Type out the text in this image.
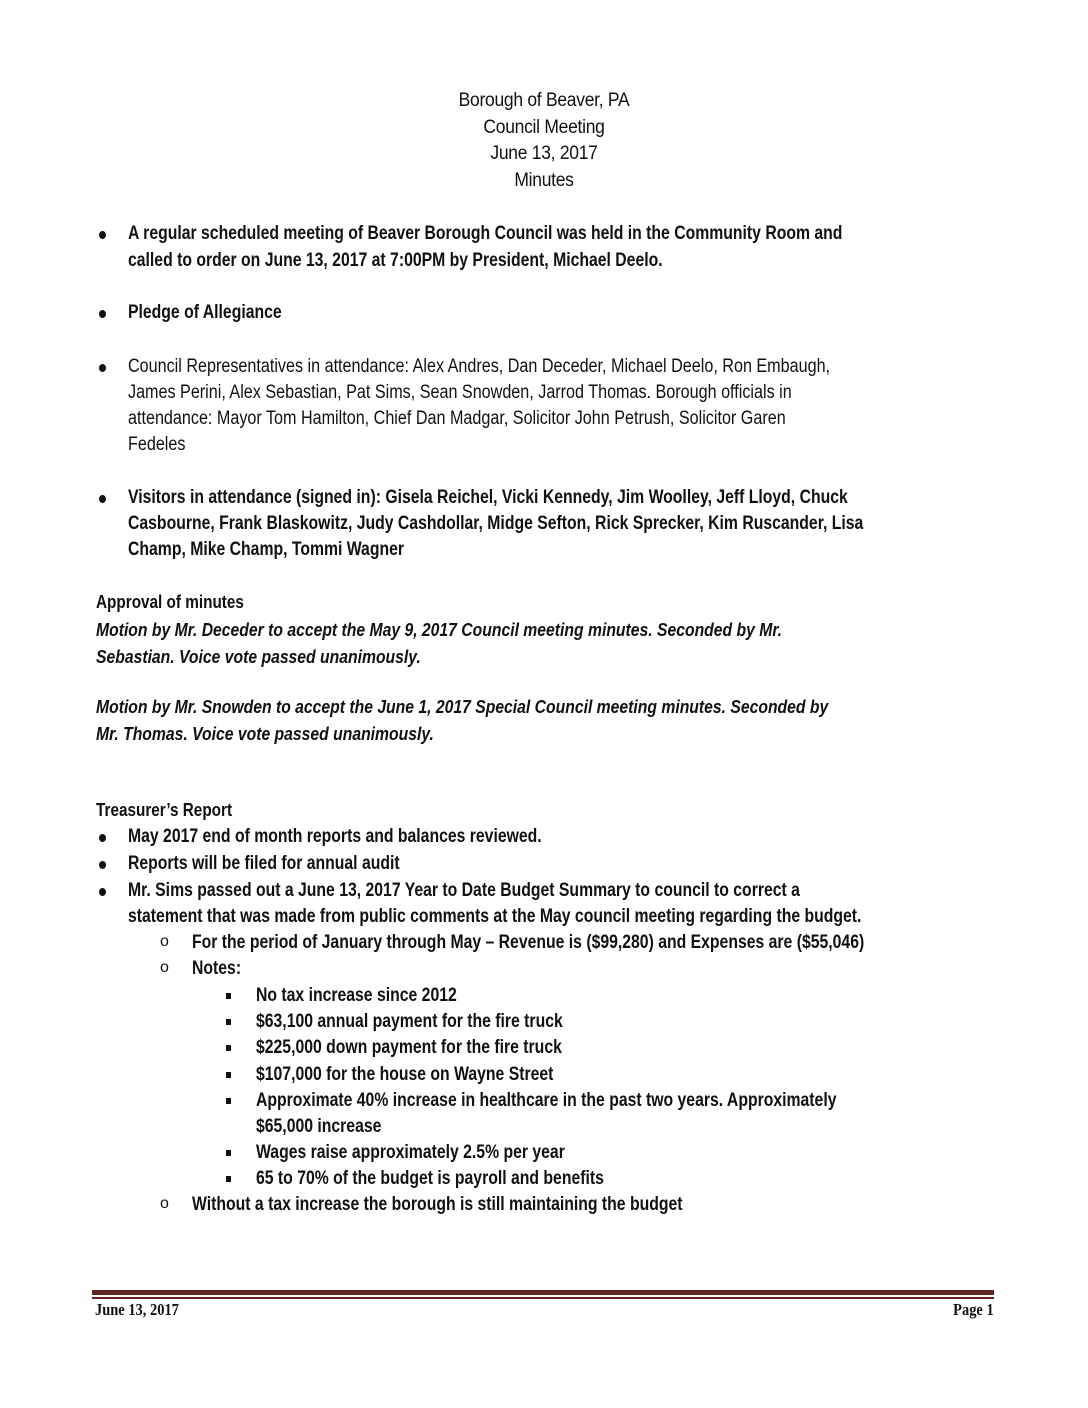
Borough of Beaver, PA
Council Meeting
June 13, 2017
Minutes
A regular scheduled meeting of Beaver Borough Council was held in the Community Room and
called to order on June 13, 2017 at 7:00PM by President, Michael Deelo.
Pledge of Allegiance
Council Representatives in attendance: Alex Andres, Dan Deceder, Michael Deelo, Ron Embaugh,
James Perini, Alex Sebastian, Pat Sims, Sean Snowden, Jarrod Thomas. Borough officials in
attendance: Mayor Tom Hamilton, Chief Dan Madgar, Solicitor John Petrush, Solicitor Garen
Fedeles
Visitors in attendance (signed in): Gisela Reichel, Vicki Kennedy, Jim Woolley, Jeff Lloyd, Chuck
Casbourne, Frank Blaskowitz, Judy Cashdollar, Midge Sefton, Rick Sprecker, Kim Ruscander, Lisa
Champ, Mike Champ, Tommi Wagner
Approval of minutes
Motion by Mr. Deceder to accept the May 9, 2017 Council meeting minutes. Seconded by Mr.
Sebastian. Voice vote passed unanimously.
Motion by Mr. Snowden to accept the June 1, 2017 Special Council meeting minutes. Seconded by
Mr. Thomas. Voice vote passed unanimously.
Treasurer’s Report
May 2017 end of month reports and balances reviewed.
Reports will be filed for annual audit
Mr. Sims passed out a June 13, 2017 Year to Date Budget Summary to council to correct a
statement that was made from public comments at the May council meeting regarding the budget.
o For the period of January through May – Revenue is ($99,280) and Expenses are ($55,046)
o Notes:
No tax increase since 2012
$63,100 annual payment for the fire truck
$225,000 down payment for the fire truck
$107,000 for the house on Wayne Street
Approximate 40% increase in healthcare in the past two years. Approximately
$65,000 increase
Wages raise approximately 2.5% per year
65 to 70% of the budget is payroll and benefits
o Without a tax increase the borough is still maintaining the budget
June 13, 2017	Page 1
